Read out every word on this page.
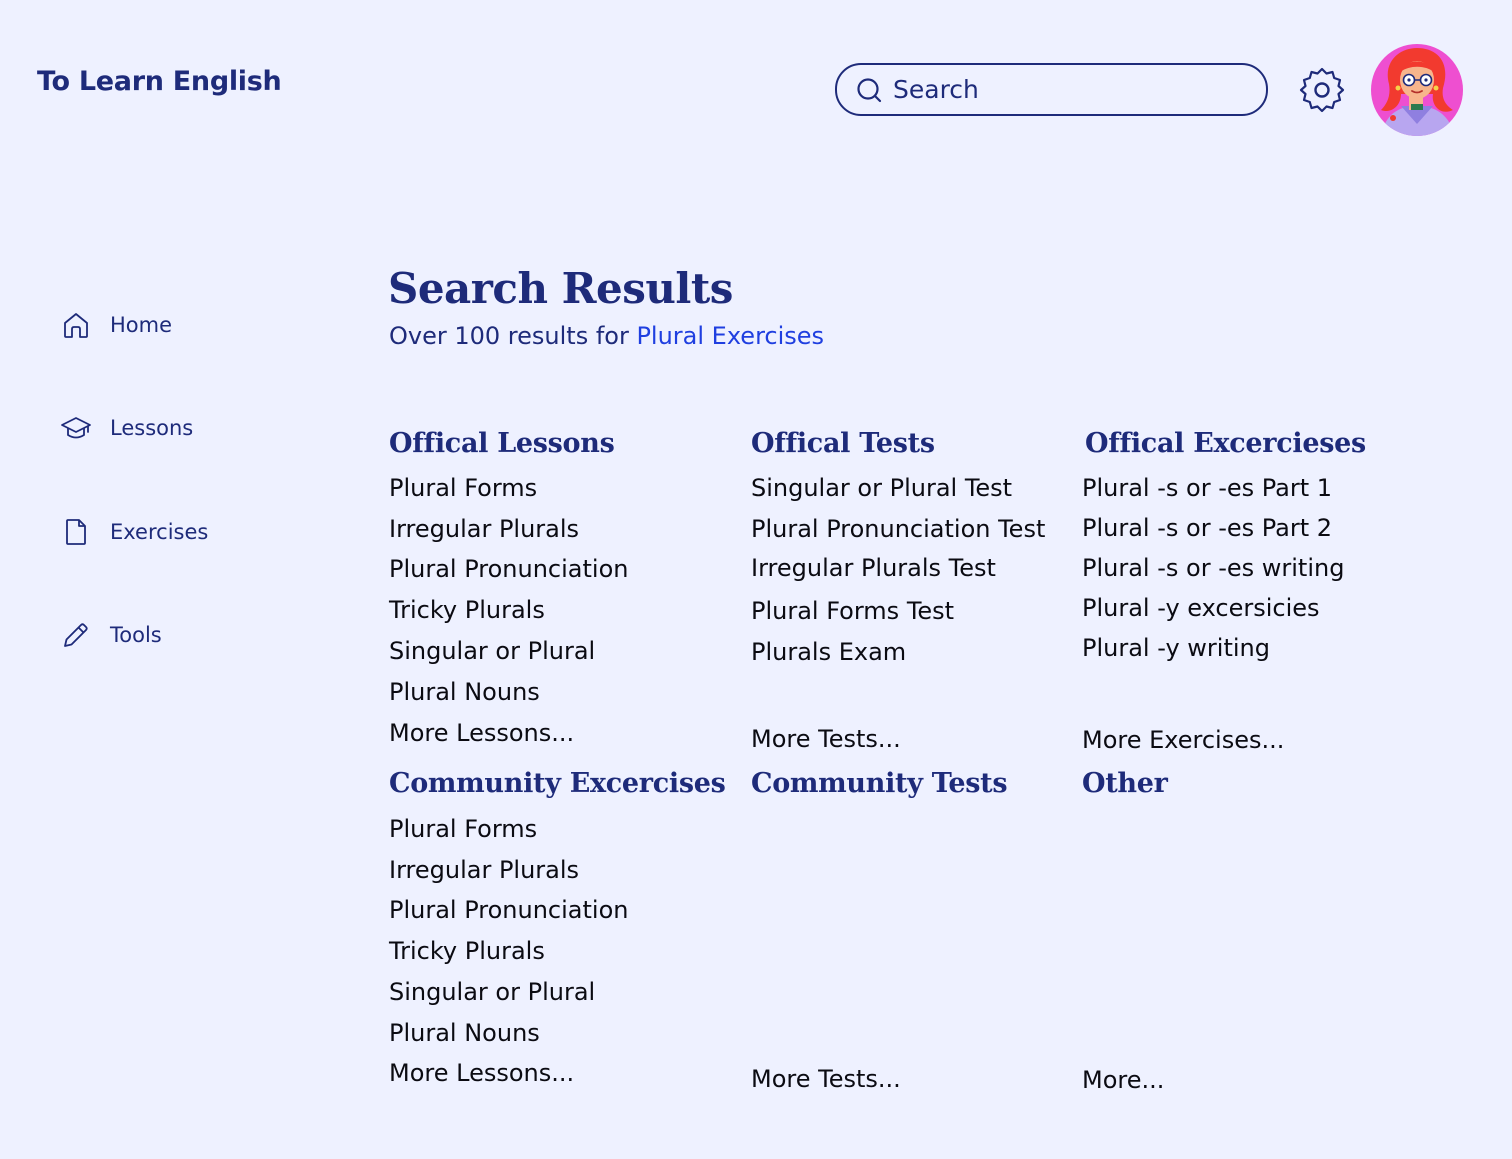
To Learn English
Search
Home
Lessons
Exercises
Tools
Search Results
Over 100 results for Plural Exercises
Offical Lessons
Plural Forms
Irregular Plurals
Plural Pronunciation
Tricky Plurals
Singular or Plural
Plural Nouns
More Lessons...
Offical Tests
Singular or Plural Test
Plural Pronunciation Test
Irregular Plurals Test
Plural Forms Test
Plurals Exam
More Tests...
Offical Excercieses
Plural -s or -es Part 1
Plural -s or -es Part 2
Plural -s or -es writing
Plural -y excersicies
Plural -y writing
More Exercises...
Community Excercises
Plural Forms
Irregular Plurals
Plural Pronunciation
Tricky Plurals
Singular or Plural
Plural Nouns
More Lessons...
Community Tests
More Tests...
Other
More...
